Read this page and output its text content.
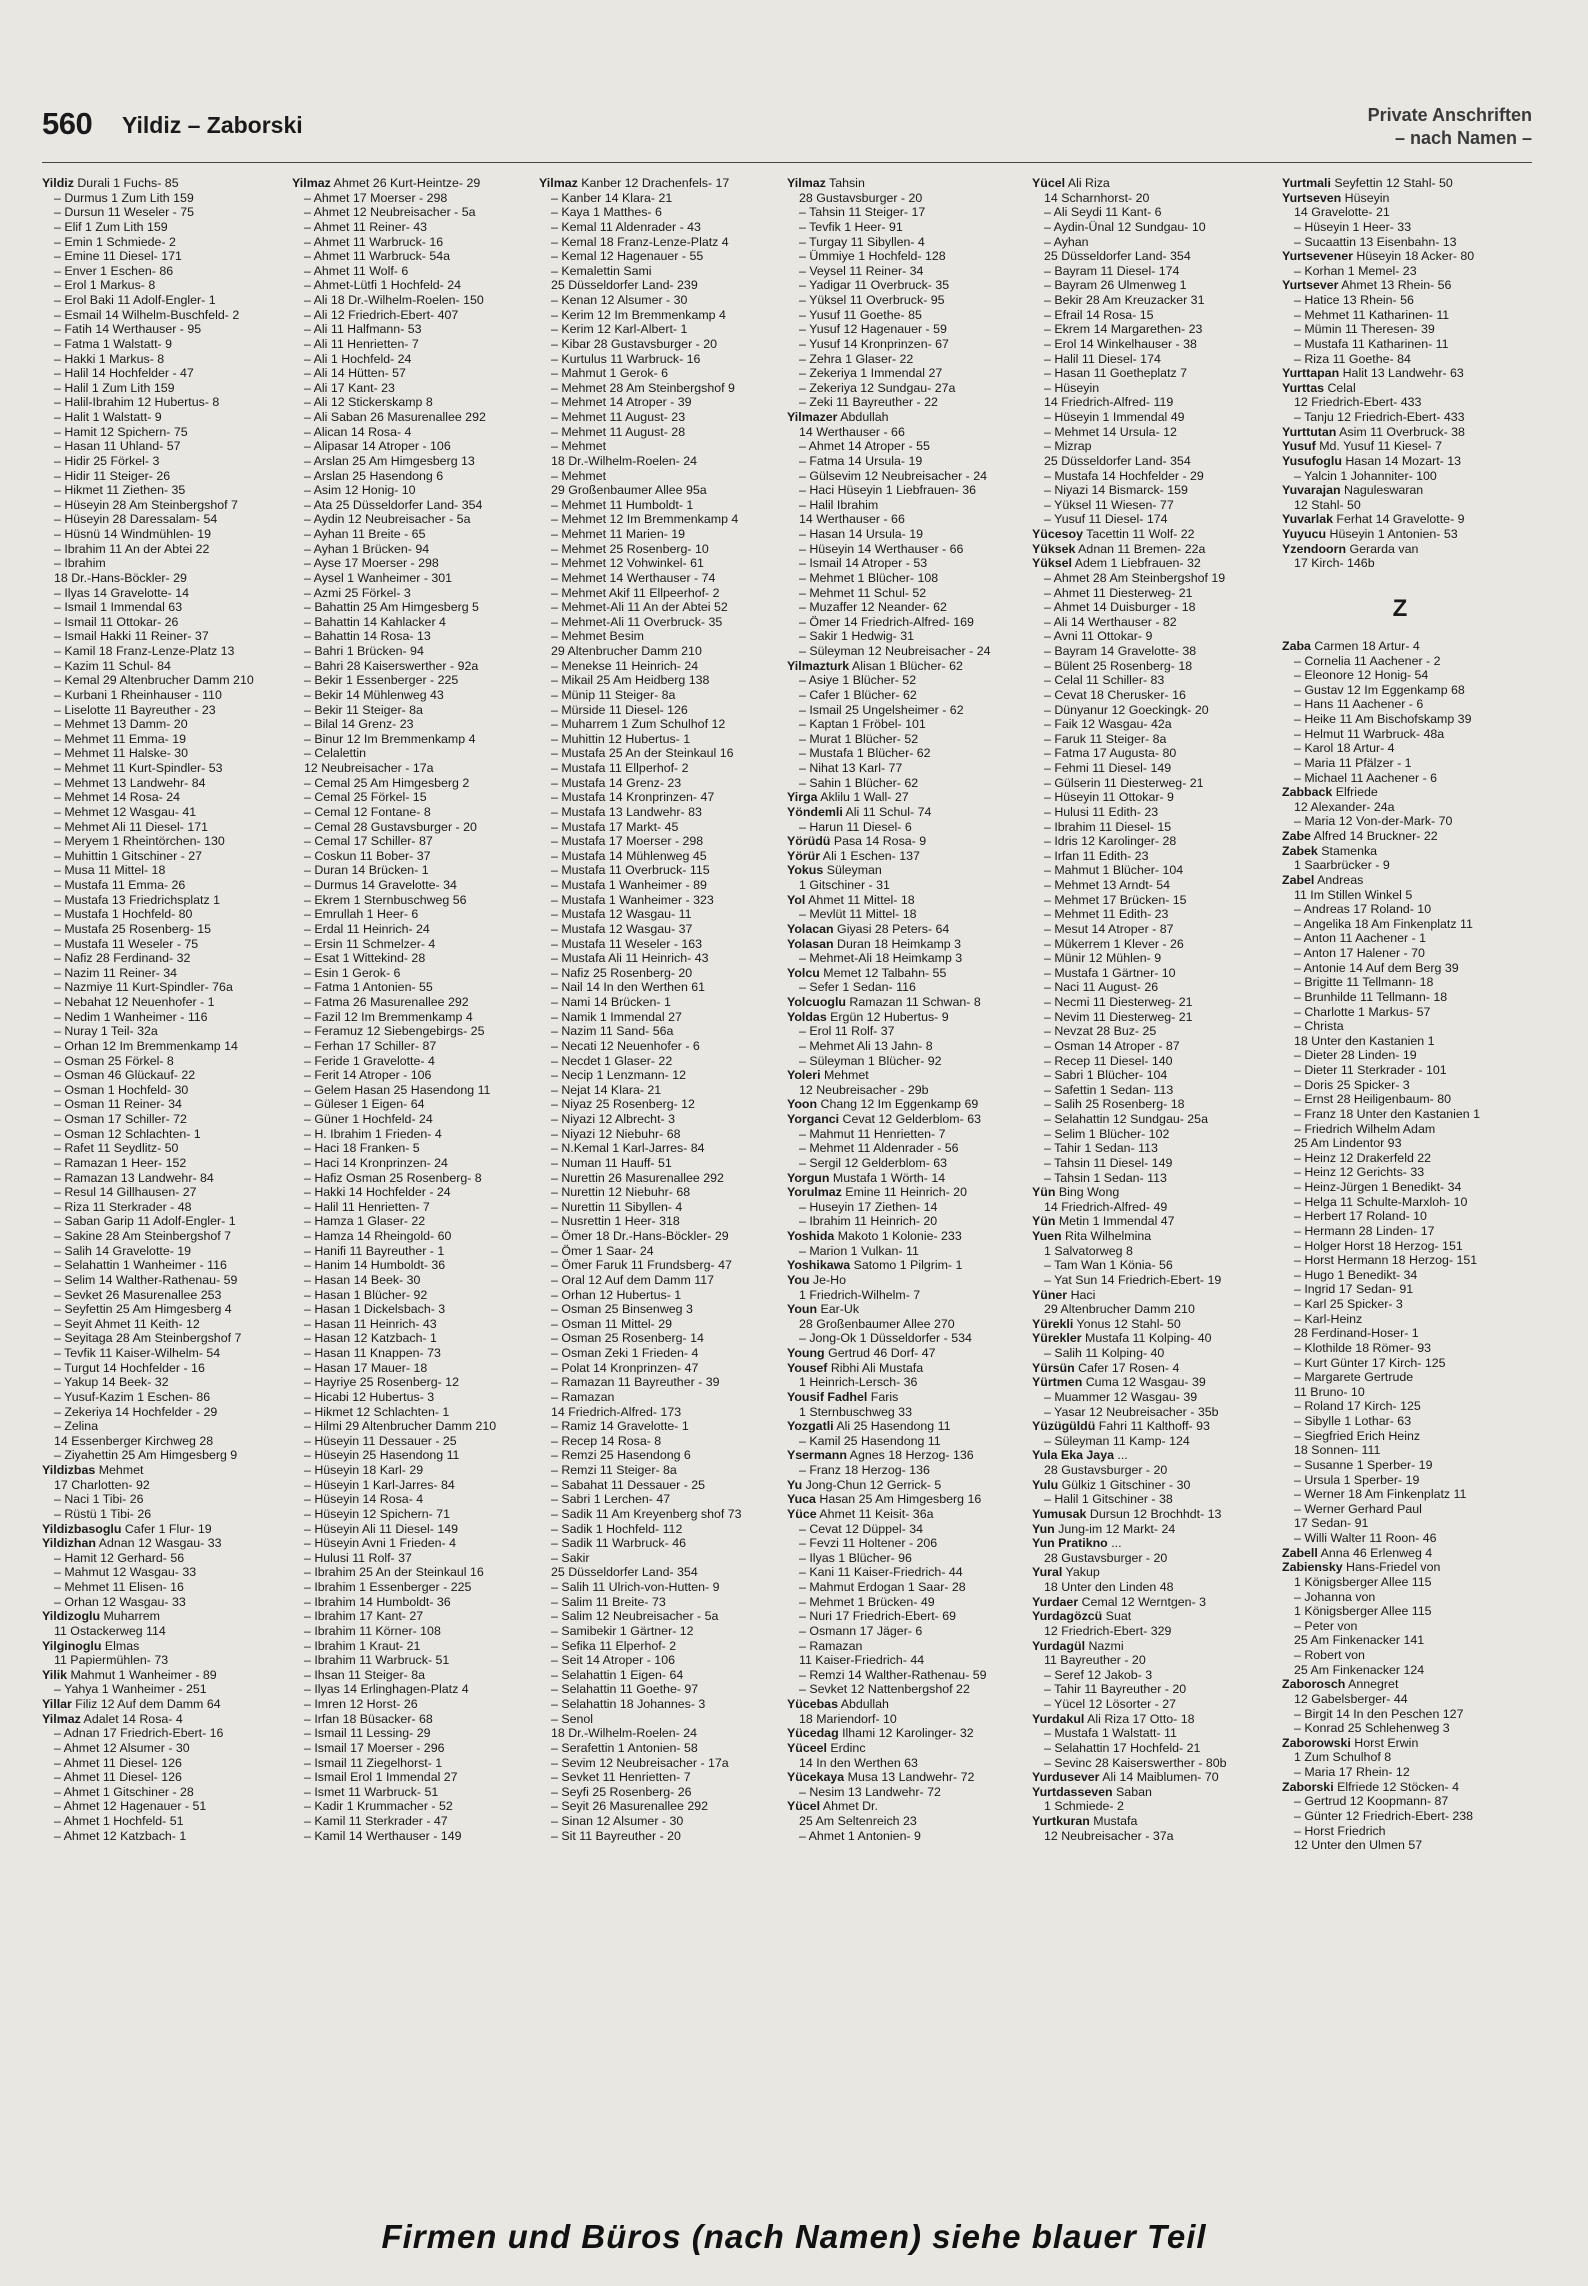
560 Yildiz – Zaborski	Private Anschriften
– nach Namen –
Yildiz Durali 1 Fuchs- 85
– Durmus 1 Zum Lith 159
– Dursun 11 Weseler - 75
– Elif 1 Zum Lith 159
– Emin 1 Schmiede- 2
– Emine 11 Diesel- 171
– Enver 1 Eschen- 86
– Erol 1 Markus- 8
– Erol Baki 11 Adolf-Engler- 1
– Esmail 14 Wilhelm-Buschfeld- 2
– Fatih 14 Werthauser - 95
– Fatma 1 Walstatt- 9
– Hakki 1 Markus- 8
– Halil 14 Hochfelder - 47
– Halil 1 Zum Lith 159
– Halil-Ibrahim 12 Hubertus- 8
– Halit 1 Walstatt- 9
– Hamit 12 Spichern- 75
– Hasan 11 Uhland- 57
– Hidir 25 Förkel- 3
– Hidir 11 Steiger- 26
– Hikmet 11 Ziethen- 35
– Hüseyin 28 Am Steinbergshof 7
– Hüseyin 28 Daressalam- 54
– Hüsnü 14 Windmühlen- 19
– Ibrahim 11 An der Abtei 22
– Ibrahim
18 Dr.-Hans-Böckler- 29
– Ilyas 14 Gravelotte- 14
– Ismail 1 Immendal 63
– Ismail 11 Ottokar- 26
– Ismail Hakki 11 Reiner- 37
– Kamil 18 Franz-Lenze-Platz 13
– Kazim 11 Schul- 84
– Kemal 29 Altenbrucher Damm 210
– Kurbani 1 Rheinhauser - 110
– Liselotte 11 Bayreuther - 23
– Mehmet 13 Damm- 20
– Mehmet 11 Emma- 19
– Mehmet 11 Halske- 30
– Mehmet 11 Kurt-Spindler- 53
– Mehmet 13 Landwehr- 84
– Mehmet 14 Rosa- 24
– Mehmet 12 Wasgau- 41
– Mehmet Ali 11 Diesel- 171
– Meryem 1 Rheintörchen- 130
– Muhittin 1 Gitschiner - 27
– Musa 11 Mittel- 18
– Mustafa 11 Emma- 26
– Mustafa 13 Friedrichsplatz 1
– Mustafa 1 Hochfeld- 80
– Mustafa 25 Rosenberg- 15
– Mustafa 11 Weseler - 75
– Nafiz 28 Ferdinand- 32
– Nazim 11 Reiner- 34
– Nazmiye 11 Kurt-Spindler- 76a
– Nebahat 12 Neuenhofer - 1
– Nedim 1 Wanheimer - 116
– Nuray 1 Teil- 32a
– Orhan 12 Im Bremmenkamp 14
– Osman 25 Förkel- 8
– Osman 46 Glückauf- 22
– Osman 1 Hochfeld- 30
– Osman 11 Reiner- 34
– Osman 17 Schiller- 72
– Osman 12 Schlachten- 1
– Rafet 11 Seydlitz- 50
– Ramazan 1 Heer- 152
– Ramazan 13 Landwehr- 84
– Resul 14 Gillhausen- 27
– Riza 11 Sterkrader - 48
– Saban Garip 11 Adolf-Engler- 1
– Sakine 28 Am Steinbergshof 7
– Salih 14 Gravelotte- 19
– Selahattin 1 Wanheimer - 116
– Selim 14 Walther-Rathenau- 59
– Sevket 26 Masurenallee 253
– Seyfettin 25 Am Himgesberg 4
– Seyit Ahmet 11 Keith- 12
– Seyitaga 28 Am Steinbergshof 7
– Tevfik 11 Kaiser-Wilhelm- 54
– Turgut 14 Hochfelder - 16
– Yakup 14 Beek- 32
– Yusuf-Kazim 1 Eschen- 86
– Zekeriya 14 Hochfelder - 29
– Zelina
14 Essenberger Kirchweg 28
– Ziyahettin 25 Am Himgesberg 9
Yildizbas Mehmet
17 Charlotten- 92
– Naci 1 Tibi- 26
– Rüstü 1 Tibi- 26
Yildizbasoglu Cafer 1 Flur- 19
Yildizhan Adnan 12 Wasgau- 33
– Hamit 12 Gerhard- 56
– Mahmut 12 Wasgau- 33
– Mehmet 11 Elisen- 16
– Orhan 12 Wasgau- 33
Yildizoglu Muharrem
11 Ostackerweg 114
Yilginoglu Elmas
11 Papiermühlen- 73
Yilik Mahmut 1 Wanheimer - 89
– Yahya 1 Wanheimer - 251
Yillar Filiz 12 Auf dem Damm 64
Yilmaz Adalet 14 Rosa- 4
– Adnan 17 Friedrich-Ebert- 16
– Ahmet 12 Alsumer - 30
– Ahmet 11 Diesel- 126
– Ahmet 11 Diesel- 126
– Ahmet 1 Gitschiner - 28
– Ahmet 12 Hagenauer - 51
– Ahmet 1 Hochfeld- 51
– Ahmet 12 Katzbach- 1
Yilmaz Ahmet 26 Kurt-Heintze- 29
– Ahmet 17 Moerser - 298
– Ahmet 12 Neubreisacher - 5a
– Ahmet 11 Reiner- 43
– Ahmet 11 Warbruck- 16
– Ahmet 11 Warbruck- 54a
– Ahmet 11 Wolf- 6
– Ahmet-Lütfi 1 Hochfeld- 24
– Ali 18 Dr.-Wilhelm-Roelen- 150
– Ali 12 Friedrich-Ebert- 407
– Ali 11 Halfmann- 53
– Ali 11 Henrietten- 7
– Ali 1 Hochfeld- 24
– Ali 14 Hütten- 57
– Ali 17 Kant- 23
– Ali 12 Stickerskamp 8
– Ali Saban 26 Masurenallee 292
– Alican 14 Rosa- 4
– Alipasar 14 Atroper - 106
– Arslan 25 Am Himgesberg 13
– Arslan 25 Hasendong 6
– Asim 12 Honig- 10
– Ata 25 Düsseldorfer Land- 354
– Aydin 12 Neubreisacher - 5a
– Ayhan 11 Breite - 65
– Ayhan 1 Brücken- 94
– Ayse 17 Moerser - 298
– Aysel 1 Wanheimer - 301
– Azmi 25 Förkel- 3
– Bahattin 25 Am Himgesberg 5
– Bahattin 14 Kahlacker 4
– Bahattin 14 Rosa- 13
– Bahri 1 Brücken- 94
– Bahri 28 Kaiserswerther - 92a
– Bekir 1 Essenberger - 225
– Bekir 14 Mühlenweg 43
– Bekir 11 Steiger- 8a
– Bilal 14 Grenz- 23
– Binur 12 Im Bremmenkamp 4
– Celalettin
12 Neubreisacher - 17a
– Cemal 25 Am Himgesberg 2
– Cemal 25 Förkel- 15
– Cemal 12 Fontane- 8
– Cemal 28 Gustavsburger - 20
– Cemal 17 Schiller- 87
– Coskun 11 Bober- 37
– Duran 14 Brücken- 1
– Durmus 14 Gravelotte- 34
– Ekrem 1 Sternbuschweg 56
– Emrullah 1 Heer- 6
– Erdal 11 Heinrich- 24
– Ersin 11 Schmelzer- 4
– Esat 1 Wittekind- 28
– Esin 1 Gerok- 6
– Fatma 1 Antonien- 55
– Fatma 26 Masurenallee 292
– Fazil 12 Im Bremmenkamp 4
– Feramuz 12 Siebengebirgs- 25
– Ferhan 17 Schiller- 87
– Feride 1 Gravelotte- 4
– Ferit 14 Atroper - 106
– Gelem Hasan 25 Hasendong 11
– Güleser 1 Eigen- 64
– Güner 1 Hochfeld- 24
– H. Ibrahim 1 Frieden- 4
– Haci 18 Franken- 5
– Haci 14 Kronprinzen- 24
– Hafiz Osman 25 Rosenberg- 8
– Hakki 14 Hochfelder - 24
– Halil 11 Henrietten- 7
– Hamza 1 Glaser- 22
– Hamza 14 Rheingold- 60
– Hanifi 11 Bayreuther - 1
– Hanim 14 Humboldt- 36
– Hasan 14 Beek- 30
– Hasan 1 Blücher- 92
– Hasan 1 Dickelsbach- 3
– Hasan 11 Heinrich- 43
– Hasan 12 Katzbach- 1
– Hasan 11 Knappen- 73
– Hasan 17 Mauer- 18
– Hayriye 25 Rosenberg- 12
– Hicabi 12 Hubertus- 3
– Hikmet 12 Schlachten- 1
– Hilmi 29 Altenbrucher Damm 210
– Hüseyin 11 Dessauer - 25
– Hüseyin 25 Hasendong 11
– Hüseyin 18 Karl- 29
– Hüseyin 1 Karl-Jarres- 84
– Hüseyin 14 Rosa- 4
– Hüseyin 12 Spichern- 71
– Hüseyin Ali 11 Diesel- 149
– Hüseyin Avni 1 Frieden- 4
– Hulusi 11 Rolf- 37
– Ibrahim 25 An der Steinkaul 16
– Ibrahim 1 Essenberger - 225
– Ibrahim 14 Humboldt- 36
– Ibrahim 17 Kant- 27
– Ibrahim 11 Körner- 108
– Ibrahim 1 Kraut- 21
– Ibrahim 11 Warbruck- 51
– Ihsan 11 Steiger- 8a
– Ilyas 14 Erlinghagen-Platz 4
– Imren 12 Horst- 26
– Irfan 18 Büsacker- 68
– Ismail 11 Lessing- 29
– Ismail 17 Moerser - 296
– Ismail 11 Ziegelhorst- 1
– Ismail Erol 1 Immendal 27
– Ismet 11 Warbruck- 51
– Kadir 1 Krummacher - 52
– Kamil 11 Sterkrader - 47
– Kamil 14 Werthauser - 149
Yilmaz Kanber 12 Drachenfels- 17
– Kanber 14 Klara- 21
– Kaya 1 Matthes- 6
– Kemal 11 Aldenrader - 43
– Kemal 18 Franz-Lenze-Platz 4
– Kemal 12 Hagenauer - 55
– Kemalettin Sami
25 Düsseldorfer Land- 239
– Kenan 12 Alsumer - 30
– Kerim 12 Im Bremmenkamp 4
– Kerim 12 Karl-Albert- 1
– Kibar 28 Gustavsburger - 20
– Kurtulus 11 Warbruck- 16
– Mahmut 1 Gerok- 6
– Mehmet 28 Am Steinbergshof 9
– Mehmet 14 Atroper - 39
– Mehmet 11 August- 23
– Mehmet 11 August- 28
– Mehmet
18 Dr.-Wilhelm-Roelen- 24
– Mehmet
29 Großenbaumer Allee 95a
– Mehmet 11 Humboldt- 1
– Mehmet 12 Im Bremmenkamp 4
– Mehmet 11 Marien- 19
– Mehmet 25 Rosenberg- 10
– Mehmet 12 Vohwinkel- 61
– Mehmet 14 Werthauser - 74
– Mehmet Akif 11 Ellpeerhof- 2
– Mehmet-Ali 11 An der Abtei 52
– Mehmet-Ali 11 Overbruck- 35
– Mehmet Besim
29 Altenbrucher Damm 210
– Menekse 11 Heinrich- 24
– Mikail 25 Am Heidberg 138
– Münip 11 Steiger- 8a
– Mürside 11 Diesel- 126
– Muharrem 1 Zum Schulhof 12
– Muhittin 12 Hubertus- 1
– Mustafa 25 An der Steinkaul 16
– Mustafa 11 Ellperhof- 2
– Mustafa 14 Grenz- 23
– Mustafa 14 Kronprinzen- 47
– Mustafa 13 Landwehr- 83
– Mustafa 17 Markt- 45
– Mustafa 17 Moerser - 298
– Mustafa 14 Mühlenweg 45
– Mustafa 11 Overbruck- 115
– Mustafa 1 Wanheimer - 89
– Mustafa 1 Wanheimer - 323
– Mustafa 12 Wasgau- 11
– Mustafa 12 Wasgau- 37
– Mustafa 11 Weseler - 163
– Mustafa Ali 11 Heinrich- 43
– Nafiz 25 Rosenberg- 20
– Nail 14 In den Werthen 61
– Nami 14 Brücken- 1
– Namik 1 Immendal 27
– Nazim 11 Sand- 56a
– Necati 12 Neuenhofer - 6
– Necdet 1 Glaser- 22
– Necip 1 Lenzmann- 12
– Nejat 14 Klara- 21
– Niyaz 25 Rosenberg- 12
– Niyazi 12 Albrecht- 3
– Niyazi 12 Niebuhr- 68
– N.Kemal 1 Karl-Jarres- 84
– Numan 11 Hauff- 51
– Nurettin 26 Masurenallee 292
– Nurettin 12 Niebuhr- 68
– Nurettin 11 Sibyllen- 4
– Nusrettin 1 Heer- 318
– Ömer 18 Dr.-Hans-Böckler- 29
– Ömer 1 Saar- 24
– Ömer Faruk 11 Frundsberg- 47
– Oral 12 Auf dem Damm 117
– Orhan 12 Hubertus- 1
– Osman 25 Binsenweg 3
– Osman 11 Mittel- 29
– Osman 25 Rosenberg- 14
– Osman Zeki 1 Frieden- 4
– Polat 14 Kronprinzen- 47
– Ramazan 11 Bayreuther - 39
– Ramazan
14 Friedrich-Alfred- 173
– Ramiz 14 Gravelotte- 1
– Recep 14 Rosa- 8
– Remzi 25 Hasendong 6
– Remzi 11 Steiger- 8a
– Sabahat 11 Dessauer - 25
– Sabri 1 Lerchen- 47
– Sadik 11 Am Kreyenberg shof 73
– Sadik 1 Hochfeld- 112
– Sadik 11 Warbruck- 46
– Sakir
25 Düsseldorfer Land- 354
– Salih 11 Ulrich-von-Hutten- 9
– Salim 11 Breite- 73
– Salim 12 Neubreisacher - 5a
– Samibekir 1 Gärtner- 12
– Sefika 11 Elperhof- 2
– Seit 14 Atroper - 106
– Selahattin 1 Eigen- 64
– Selahattin 11 Goethe- 97
– Selahattin 18 Johannes- 3
– Senol
18 Dr.-Wilhelm-Roelen- 24
– Serafettin 1 Antonien- 58
– Sevim 12 Neubreisacher - 17a
– Sevket 11 Henrietten- 7
– Seyfi 25 Rosenberg- 26
– Seyit 26 Masurenallee 292
– Sinan 12 Alsumer - 30
– Sit 11 Bayreuther - 20
Yilmaz Tahsin
28 Gustavsburger - 20
– Tahsin 11 Steiger- 17
– Tevfik 1 Heer- 91
– Turgay 11 Sibyllen- 4
– Ümmiye 1 Hochfeld- 128
– Veysel 11 Reiner- 34
– Yadigar 11 Overbruck- 35
– Yüksel 11 Overbruck- 95
– Yusuf 11 Goethe- 85
– Yusuf 12 Hagenauer - 59
– Yusuf 14 Kronprinzen- 67
– Zehra 1 Glaser- 22
– Zekeriya 1 Immendal 27
– Zekeriya 12 Sundgau- 27a
– Zeki 11 Bayreuther - 22
Yilmazer Abdullah
14 Werthauser - 66
– Ahmet 14 Atroper - 55
– Fatma 14 Ursula- 19
– Gülsevim 12 Neubreisacher - 24
– Haci Hüseyin 1 Liebfrauen- 36
– Halil Ibrahim
14 Werthauser - 66
– Hasan 14 Ursula- 19
– Hüseyin 14 Werthauser - 66
– Ismail 14 Atroper - 53
– Mehmet 1 Blücher- 108
– Mehmet 11 Schul- 52
– Muzaffer 12 Neander- 62
– Ömer 14 Friedrich-Alfred- 169
– Sakir 1 Hedwig- 31
– Süleyman 12 Neubreisacher - 24
Yilmazturk Alisan 1 Blücher- 62
– Asiye 1 Blücher- 52
– Cafer 1 Blücher- 62
– Ismail 25 Ungelsheimer - 62
– Kaptan 1 Fröbel- 101
– Murat 1 Blücher- 52
– Mustafa 1 Blücher- 62
– Nihat 13 Karl- 77
– Sahin 1 Blücher- 62
Yirga Aklilu 1 Wall- 27
Yöndemli Ali 11 Schul- 74
– Harun 11 Diesel- 6
Yörüdü Pasa 14 Rosa- 9
Yörür Ali 1 Eschen- 137
Yokus Süleyman
1 Gitschiner - 31
Yol Ahmet 11 Mittel- 18
– Mevlüt 11 Mittel- 18
Yolacan Giyasi 28 Peters- 64
Yolasan Duran 18 Heimkamp 3
– Mehmet-Ali 18 Heimkamp 3
Yolcu Memet 12 Talbahn- 55
– Sefer 1 Sedan- 116
Yolcuoglu Ramazan 11 Schwan- 8
Yoldas Ergün 12 Hubertus- 9
– Erol 11 Rolf- 37
– Mehmet Ali 13 Jahn- 8
– Süleyman 1 Blücher- 92
Yoleri Mehmet
12 Neubreisacher - 29b
Yoon Chang 12 Im Eggenkamp 69
Yorganci Cevat 12 Gelderblom- 63
– Mahmut 11 Henrietten- 7
– Mehmet 11 Aldenrader - 56
– Sergil 12 Gelderblom- 63
Yorgun Mustafa 1 Wörth- 14
Yorulmaz Emine 11 Heinrich- 20
– Huseyin 17 Ziethen- 14
– Ibrahim 11 Heinrich- 20
Yoshida Makoto 1 Kolonie- 233
– Marion 1 Vulkan- 11
Yoshikawa Satomo 1 Pilgrim- 1
You Je-Ho
1 Friedrich-Wilhelm- 7
Youn Ear-Uk
28 Großenbaumer Allee 270
– Jong-Ok 1 Düsseldorfer - 534
Young Gertrud 46 Dorf- 47
Yousef Ribhi Ali Mustafa
1 Heinrich-Lersch- 36
Yousif Fadhel Faris
1 Sternbuschweg 33
Yozgatli Ali 25 Hasendong 11
– Kamil 25 Hasendong 11
Ysermann Agnes 18 Herzog- 136
– Franz 18 Herzog- 136
Yu Jong-Chun 12 Gerrick- 5
Yuca Hasan 25 Am Himgesberg 16
Yüce Ahmet 11 Keisit- 36a
– Cevat 12 Düppel- 34
– Fevzi 11 Holtener - 206
– Ilyas 1 Blücher- 96
– Kani 11 Kaiser-Friedrich- 44
– Mahmut Erdogan 1 Saar- 28
– Mehmet 1 Brücken- 49
– Nuri 17 Friedrich-Ebert- 69
– Osmann 17 Jäger- 6
– Ramazan
11 Kaiser-Friedrich- 44
– Remzi 14 Walther-Rathenau- 59
– Sevket 12 Nattenbergshof 22
Yücebas Abdullah
18 Mariendorf- 10
Yücedag Ilhami 12 Karolinger- 32
Yüceel Erdinc
14 In den Werthen 63
Yücekaya Musa 13 Landwehr- 72
– Nesim 13 Landwehr- 72
Yücel Ahmet Dr.
25 Am Seltenreich 23
– Ahmet 1 Antonien- 9
Yücel Ali Riza
14 Scharnhorst- 20
– Ali Seydi 11 Kant- 6
– Aydin-Ünal 12 Sundgau- 10
– Ayhan
25 Düsseldorfer Land- 354
– Bayram 11 Diesel- 174
– Bayram 26 Ulmenweg 1
– Bekir 28 Am Kreuzacker 31
– Efrail 14 Rosa- 15
– Ekrem 14 Margarethen- 23
– Erol 14 Winkelhauser - 38
– Halil 11 Diesel- 174
– Hasan 11 Goetheplatz 7
– Hüseyin
14 Friedrich-Alfred- 119
– Hüseyin 1 Immendal 49
– Mehmet 14 Ursula- 12
– Mizrap
25 Düsseldorfer Land- 354
– Mustafa 14 Hochfelder - 29
– Niyazi 14 Bismarck- 159
– Yüksel 11 Wiesen- 77
– Yusuf 11 Diesel- 174
Yücesoy Tacettin 11 Wolf- 22
Yüksek Adnan 11 Bremen- 22a
Yüksel Adem 1 Liebfrauen- 32
– Ahmet 28 Am Steinbergshof 19
– Ahmet 11 Diesterweg- 21
– Ahmet 14 Duisburger - 18
– Ali 14 Werthauser - 82
– Avni 11 Ottokar- 9
– Bayram 14 Gravelotte- 38
– Bülent 25 Rosenberg- 18
– Celal 11 Schiller- 83
– Cevat 18 Cherusker- 16
– Dünyanur 12 Goeckingk- 20
– Faik 12 Wasgau- 42a
– Faruk 11 Steiger- 8a
– Fatma 17 Augusta- 80
– Fehmi 11 Diesel- 149
– Gülserin 11 Diesterweg- 21
– Hüseyin 11 Ottokar- 9
– Hulusi 11 Edith- 23
– Ibrahim 11 Diesel- 15
– Idris 12 Karolinger- 28
– Irfan 11 Edith- 23
– Mahmut 1 Blücher- 104
– Mehmet 13 Arndt- 54
– Mehmet 17 Brücken- 15
– Mehmet 11 Edith- 23
– Mesut 14 Atroper - 87
– Mükerrem 1 Klever - 26
– Münir 12 Mühlen- 9
– Mustafa 1 Gärtner- 10
– Naci 11 August- 26
– Necmi 11 Diesterweg- 21
– Nevim 11 Diesterweg- 21
– Nevzat 28 Buz- 25
– Osman 14 Atroper - 87
– Recep 11 Diesel- 140
– Sabri 1 Blücher- 104
– Safettin 1 Sedan- 113
– Salih 25 Rosenberg- 18
– Selahattin 12 Sundgau- 25a
– Selim 1 Blücher- 102
– Tahir 1 Sedan- 113
– Tahsin 11 Diesel- 149
– Tahsin 1 Sedan- 113
Yün Bing Wong
14 Friedrich-Alfred- 49
Yün Metin 1 Immendal 47
Yuen Rita Wilhelmina
1 Salvatorweg 8
– Tam Wan 1 Könia- 56
– Yat Sun 14 Friedrich-Ebert- 19
Yüner Haci
29 Altenbrucher Damm 210
Yürekli Yonus 12 Stahl- 50
Yürekler Mustafa 11 Kolping- 40
– Salih 11 Kolping- 40
Yürsün Cafer 17 Rosen- 4
Yürtmen Cuma 12 Wasgau- 39
– Muammer 12 Wasgau- 39
– Yasar 12 Neubreisacher - 35b
Yüzügüldü Fahri 11 Kalthoff- 93
– Süleyman 11 Kamp- 124
Yula Eka Jaya ...
28 Gustavsburger - 20
Yulu Gülkiz 1 Gitschiner - 30
– Halil 1 Gitschiner - 38
Yumusak Dursun 12 Brochhdt- 13
Yun Jung-im 12 Markt- 24
Yun Pratikno ...
28 Gustavsburger - 20
Yural Yakup
18 Unter den Linden 48
Yurdaer Cemal 12 Werntgen- 3
Yurdagözcü Suat
12 Friedrich-Ebert- 329
Yurdagül Nazmi
11 Bayreuther - 20
– Seref 12 Jakob- 3
– Tahir 11 Bayreuther - 20
– Yücel 12 Lösorter - 27
Yurdakul Ali Riza 17 Otto- 18
– Mustafa 1 Walstatt- 11
– Selahattin 17 Hochfeld- 21
– Sevinc 28 Kaiserswerther - 80b
Yurdusever Ali 14 Maiblumen- 70
Yurtdasseven Saban
1 Schmiede- 2
Yurtkuran Mustafa
12 Neubreisacher - 37a
Yurtmali Seyfettin 12 Stahl- 50
Yurtseven Hüseyin
14 Gravelotte- 21
– Hüseyin 1 Heer- 33
– Sucaattin 13 Eisenbahn- 13
Yurtsevener Hüseyin 18 Acker- 80
– Korhan 1 Memel- 23
Yurtsever Ahmet 13 Rhein- 56
– Hatice 13 Rhein- 56
– Mehmet 11 Katharinen- 11
– Mümin 11 Theresen- 39
– Mustafa 11 Katharinen- 11
– Riza 11 Goethe- 84
Yurttapan Halit 13 Landwehr- 63
Yurttas Celal
12 Friedrich-Ebert- 433
– Tanju 12 Friedrich-Ebert- 433
Yurttutan Asim 11 Overbruck- 38
Yusuf Md. Yusuf 11 Kiesel- 7
Yusufoglu Hasan 14 Mozart- 13
– Yalcin 1 Johanniter- 100
Yuvarajan Naguleswaran
12 Stahl- 50
Yuvarlak Ferhat 14 Gravelotte- 9
Yuyucu Hüseyin 1 Antonien- 53
Yzendoorn Gerarda van
17 Kirch- 146b
Z
Zaba Carmen 18 Artur- 4
– Cornelia 11 Aachener - 2
– Eleonore 12 Honig- 54
– Gustav 12 Im Eggenkamp 68
– Hans 11 Aachener - 6
– Heike 11 Am Bischofskamp 39
– Helmut 11 Warbruck- 48a
– Karol 18 Artur- 4
– Maria 11 Pfälzer - 1
– Michael 11 Aachener - 6
Zabback Elfriede
12 Alexander- 24a
– Maria 12 Von-der-Mark- 70
Zabe Alfred 14 Bruckner- 22
Zabek Stamenka
1 Saarbrücker - 9
Zabel Andreas
11 Im Stillen Winkel 5
– Andreas 17 Roland- 10
– Angelika 18 Am Finkenplatz 11
– Anton 11 Aachener - 1
– Anton 17 Halener - 70
– Antonie 14 Auf dem Berg 39
– Brigitte 11 Tellmann- 18
– Brunhilde 11 Tellmann- 18
– Charlotte 1 Markus- 57
– Christa
18 Unter den Kastanien 1
– Dieter 28 Linden- 19
– Dieter 11 Sterkrader - 101
– Doris 25 Spicker- 3
– Ernst 28 Heiligenbaum- 80
– Franz 18 Unter den Kastanien 1
– Friedrich Wilhelm Adam
25 Am Lindentor 93
– Heinz 12 Drakerfeld 22
– Heinz 12 Gerichts- 33
– Heinz-Jürgen 1 Benedikt- 34
– Helga 11 Schulte-Marxloh- 10
– Herbert 17 Roland- 10
– Hermann 28 Linden- 17
– Holger Horst 18 Herzog- 151
– Horst Hermann 18 Herzog- 151
– Hugo 1 Benedikt- 34
– Ingrid 17 Sedan- 91
– Karl 25 Spicker- 3
– Karl-Heinz
28 Ferdinand-Hoser- 1
– Klothilde 18 Römer- 93
– Kurt Günter 17 Kirch- 125
– Margarete Gertrude
11 Bruno- 10
– Roland 17 Kirch- 125
– Sibylle 1 Lothar- 63
– Siegfried Erich Heinz
18 Sonnen- 111
– Susanne 1 Sperber- 19
– Ursula 1 Sperber- 19
– Werner 18 Am Finkenplatz 11
– Werner Gerhard Paul
17 Sedan- 91
– Willi Walter 11 Roon- 46
Zabell Anna 46 Erlenweg 4
Zabiensky Hans-Friedel von
1 Königsberger Allee 115
– Johanna von
1 Königsberger Allee 115
– Peter von
25 Am Finkenacker 141
– Robert von
25 Am Finkenacker 124
Zaborosch Annegret
12 Gabelsberger- 44
– Birgit 14 In den Peschen 127
– Konrad 25 Schlehenweg 3
Zaborowski Horst Erwin
1 Zum Schulhof 8
– Maria 17 Rhein- 12
Zaborski Elfriede 12 Stöcken- 4
– Gertrud 12 Koopmann- 87
– Günter 12 Friedrich-Ebert- 238
– Horst Friedrich
12 Unter den Ulmen 57
Firmen und Büros (nach Namen) siehe blauer Teil
